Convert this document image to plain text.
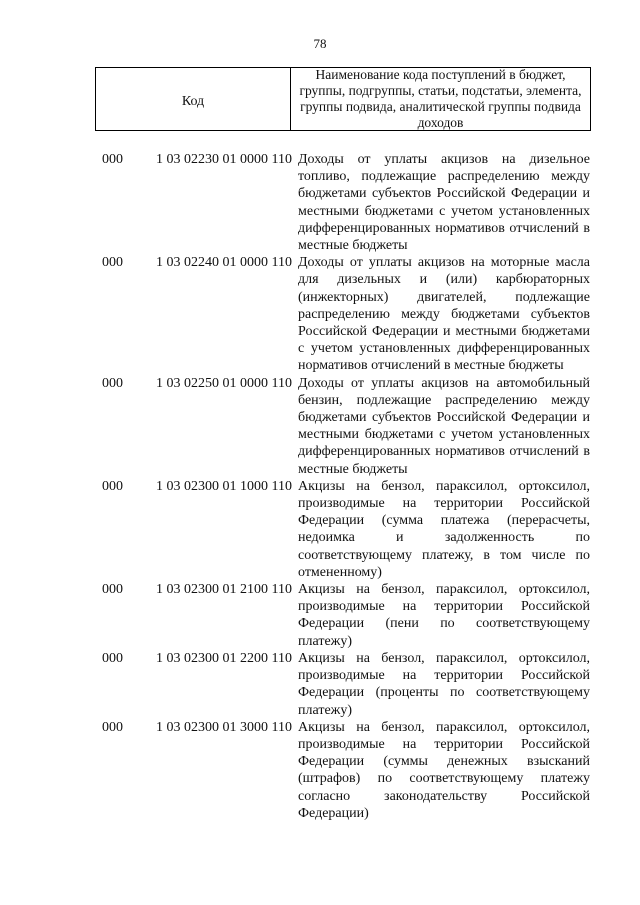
78
Код
Наименование кода поступлений в бюджет, группы, подгруппы, статьи, подстатьи, элемента, группы подвида, аналитической группы подвида доходов
000	1 03 02230 01 0000 110 Доходы от уплаты акцизов на дизельное топливо, подлежащие распределению между бюджетами субъектов Российской Федерации и местными бюджетами с учетом установленных дифференцированных нормативов отчислений в местные бюджеты
000	1 03 02240 01 0000 110 Доходы от уплаты акцизов на моторные масла для дизельных и (или) карбюраторных (инжекторных) двигателей, подлежащие распределению между бюджетами субъектов Российской Федерации и местными бюджетами с учетом установленных дифференцированных нормативов отчислений в местные бюджеты
000	1 03 02250 01 0000 110 Доходы от уплаты акцизов на автомобильный бензин, подлежащие распределению между бюджетами субъектов Российской Федерации и местными бюджетами с учетом установленных дифференцированных нормативов отчислений в местные бюджеты
000	1 03 02300 01 1000 110 Акцизы на бензол, параксилол, ортоксилол, производимые на территории Российской Федерации (сумма платежа (перерасчеты, недоимка и задолженность по соответствующему платежу, в том числе по отмененному)
000	1 03 02300 01 2100 110 Акцизы на бензол, параксилол, ортоксилол, производимые на территории Российской Федерации (пени по соответствующему платежу)
000	1 03 02300 01 2200 110 Акцизы на бензол, параксилол, ортоксилол, производимые на территории Российской Федерации (проценты по соответствующему платежу)
000	1 03 02300 01 3000 110 Акцизы на бензол, параксилол, ортоксилол, производимые на территории Российской Федерации (суммы денежных взысканий (штрафов) по соответствующему платежу согласно законодательству Российской Федерации)
